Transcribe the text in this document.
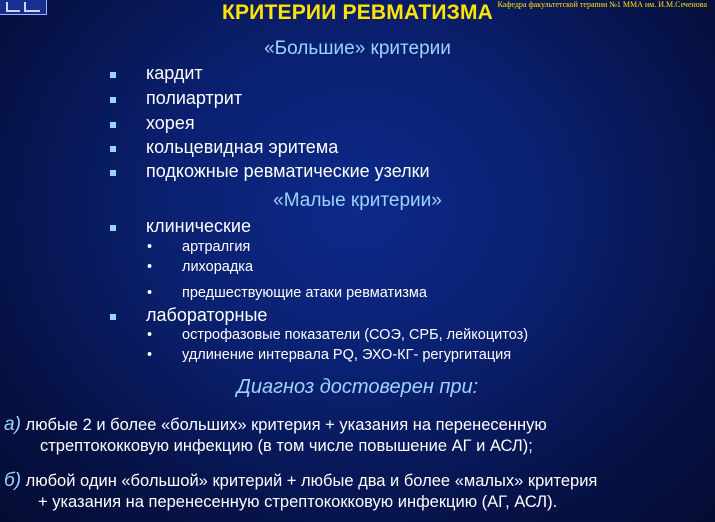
КРИТЕРИИ РЕВМАТИЗМА Кафедра факультетской терапии №1 ММА им. И.М.Сеченова
«Большие» критерии
кардит
полиартрит
хорея
кольцевидная эритема
подкожные ревматические узелки
«Малые критерии»
клинические
• артралгия
• лихорадка
• предшествующие атаки ревматизма
лабораторные
• острофазовые показатели (СОЭ, СРБ, лейкоцитоз)
• удлинение интервала PQ, ЭХО-КГ- регургитация
Диагноз достоверен при:
а) любые 2 и более «больших» критерия + указания на перенесенную
стрептококковую инфекцию (в том числе повышение АГ и АСЛ);
б) любой один «большой» критерий + любые два и более «малых» критерия
+ указания на перенесенную стрептококковую инфекцию (АГ, АСЛ).
